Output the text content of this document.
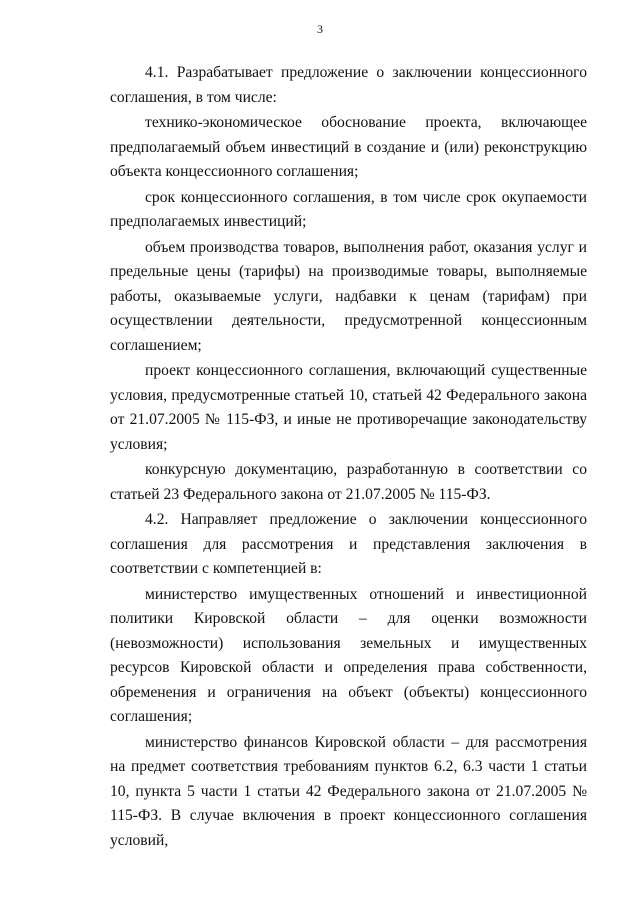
3

4.1. Разрабатывает предложение о заключении концессионного соглашения, в том числе:

технико-экономическое обоснование проекта, включающее предполагаемый объем инвестиций в создание и (или) реконструкцию объекта концессионного соглашения;

срок концессионного соглашения, в том числе срок окупаемости предполагаемых инвестиций;

объем производства товаров, выполнения работ, оказания услуг и предельные цены (тарифы) на производимые товары, выполняемые работы, оказываемые услуги, надбавки к ценам (тарифам) при осуществлении деятельности, предусмотренной концессионным соглашением;

проект концессионного соглашения, включающий существенные условия, предусмотренные статьей 10, статьей 42 Федерального закона от 21.07.2005 № 115-ФЗ, и иные не противоречащие законодательству условия;

конкурсную документацию, разработанную в соответствии со статьей 23 Федерального закона от 21.07.2005 № 115-ФЗ.

4.2. Направляет предложение о заключении концессионного соглашения для рассмотрения и представления заключения в соответствии с компетенцией в:

министерство имущественных отношений и инвестиционной политики Кировской области – для оценки возможности (невозможности) использования земельных и имущественных ресурсов Кировской области и определения права собственности, обременения и ограничения на объект (объекты) концессионного соглашения;

министерство финансов Кировской области – для рассмотрения на предмет соответствия требованиям пунктов 6.2, 6.3 части 1 статьи 10, пункта 5 части 1 статьи 42 Федерального закона от 21.07.2005 № 115-ФЗ. В случае включения в проект концессионного соглашения условий,
